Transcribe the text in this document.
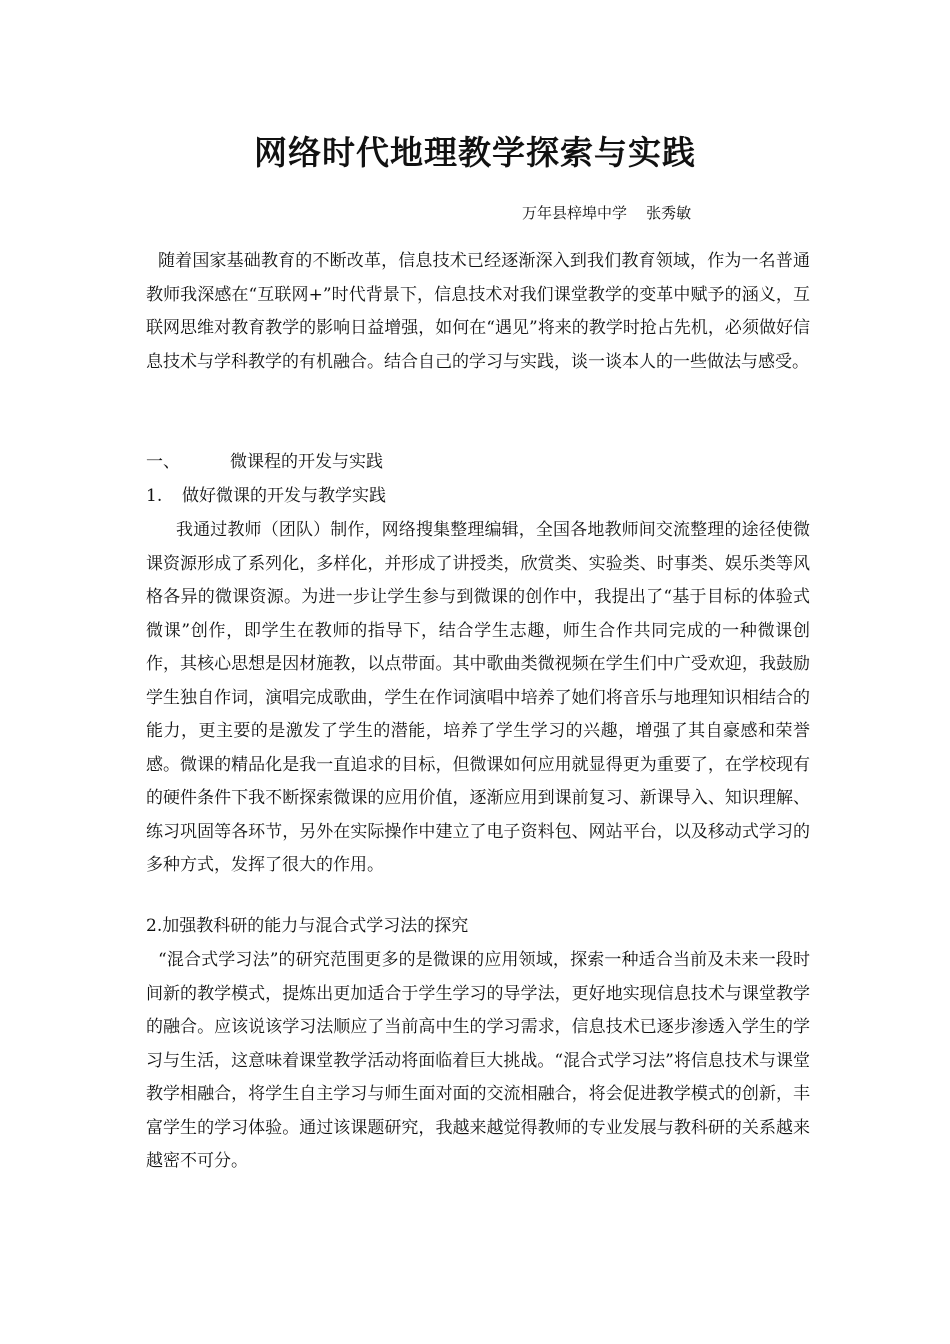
网络时代地理教学探索与实践
万年县梓埠中学    张秀敏

随着国家基础教育的不断改革，信息技术已经逐渐深入到我们教育领域，作为一名普通教师我深感在“互联网+”时代背景下，信息技术对我们课堂教学的变革中赋予的涵义，互联网思维对教育教学的影响日益增强，如何在“遇见”将来的教学时抢占先机，必须做好信息技术与学科教学的有机融合。结合自己的学习与实践，谈一谈本人的一些做法与感受。

一、	微课程的开发与实践

1. 做好微课的开发与教学实践

我通过教师（团队）制作，网络搜集整理编辑，全国各地教师间交流整理的途径使微课资源形成了系列化，多样化，并形成了讲授类，欣赏类、实验类、时事类、娱乐类等风格各异的微课资源。为进一步让学生参与到微课的创作中，我提出了“基于目标的体验式微课”创作，即学生在教师的指导下，结合学生志趣，师生合作共同完成的一种微课创作，其核心思想是因材施教，以点带面。其中歌曲类微视频在学生们中广受欢迎，我鼓励学生独自作词，演唱完成歌曲，学生在作词演唱中培养了她们将音乐与地理知识相结合的能力，更主要的是激发了学生的潜能，培养了学生学习的兴趣，增强了其自豪感和荣誉感。微课的精品化是我一直追求的目标，但微课如何应用就显得更为重要了，在学校现有的硬件条件下我不断探索微课的应用价值，逐渐应用到课前复习、新课导入、知识理解、练习巩固等各环节，另外在实际操作中建立了电子资料包、网站平台，以及移动式学习的多种方式，发挥了很大的作用。

2.加强教科研的能力与混合式学习法的探究

“混合式学习法”的研究范围更多的是微课的应用领域，探索一种适合当前及未来一段时间新的教学模式，提炼出更加适合于学生学习的导学法，更好地实现信息技术与课堂教学的融合。应该说该学习法顺应了当前高中生的学习需求，信息技术已逐步渗透入学生的学习与生活，这意味着课堂教学活动将面临着巨大挑战。“混合式学习法”将信息技术与课堂教学相融合，将学生自主学习与师生面对面的交流相融合，将会促进教学模式的创新，丰富学生的学习体验。通过该课题研究，我越来越觉得教师的专业发展与教科研的关系越来越密不可分。
